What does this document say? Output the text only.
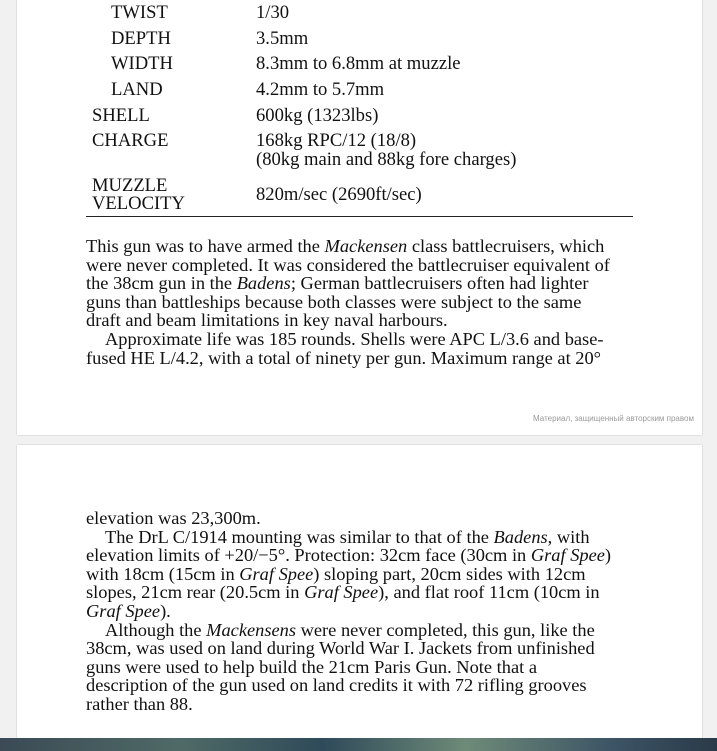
TWIST	1/30
DEPTH	3.5mm
WIDTH	8.3mm to 6.8mm at muzzle
LAND	4.2mm to 5.7mm
SHELL	600kg (1323lbs)
CHARGE	168kg RPC/12 (18/8)
(80kg main and 88kg fore charges)
MUZZLE	820m/sec (2690ft/sec)
VELOCITY
This gun was to have armed the Mackensen class battlecruisers, which
were never completed. It was considered the battlecruiser equivalent of
the 38cm gun in the Badens; German battlecruisers often had lighter
guns than battleships because both classes were subject to the same
draft and beam limitations in key naval harbours.
Approximate life was 185 rounds. Shells were APC L/3.6 and base-
fused HE L/4.2, with a total of ninety per gun. Maximum range at 20°
Материал, защищенный авторским правом
elevation was 23,300m.
The DrL C/1914 mounting was similar to that of the Badens, with
elevation limits of +20/−5°. Protection: 32cm face (30cm in Graf Spee)
with 18cm (15cm in Graf Spee) sloping part, 20cm sides with 12cm
slopes, 21cm rear (20.5cm in Graf Spee), and flat roof 11cm (10cm in
Graf Spee).
Although the Mackensens were never completed, this gun, like the
38cm, was used on land during World War I. Jackets from unfinished
guns were used to help build the 21cm Paris Gun. Note that a
description of the gun used on land credits it with 72 rifling grooves
rather than 88.
